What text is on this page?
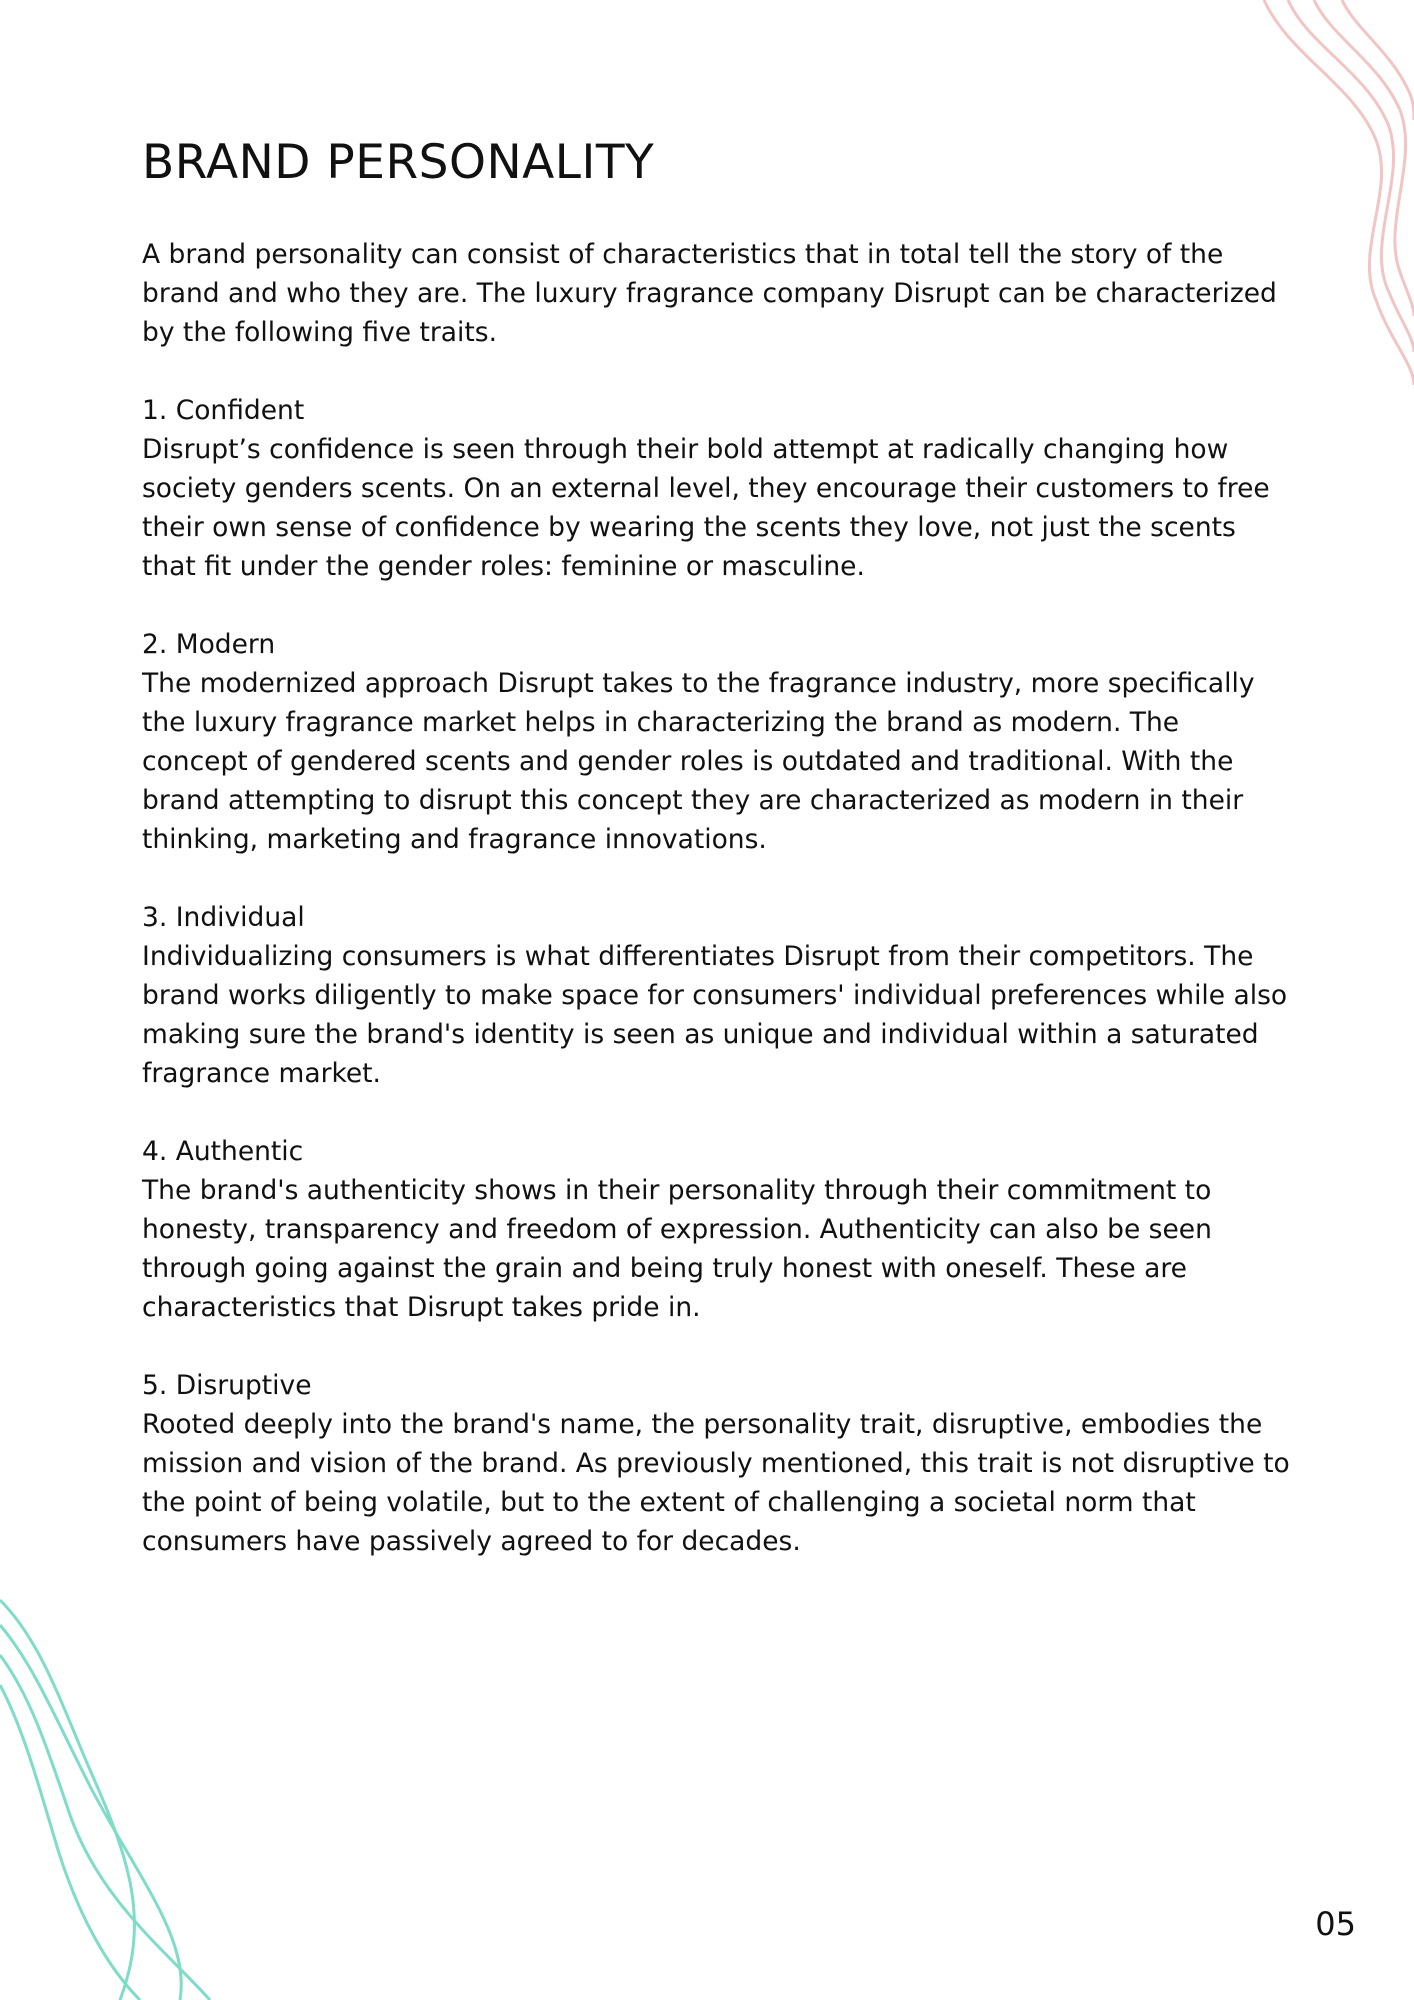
BRAND PERSONALITY

A brand personality can consist of characteristics that in total tell the story of the brand and who they are. The luxury fragrance company Disrupt can be characterized by the following five traits.

1. Confident

Disrupt’s confidence is seen through their bold attempt at radically changing how society genders scents. On an external level, they encourage their customers to free their own sense of confidence by wearing the scents they love, not just the scents that fit under the gender roles: feminine or masculine.

2. Modern

The modernized approach Disrupt takes to the fragrance industry, more specifically the luxury fragrance market helps in characterizing the brand as modern. The concept of gendered scents and gender roles is outdated and traditional. With the brand attempting to disrupt this concept they are characterized as modern in their thinking, marketing and fragrance innovations.

3. Individual

Individualizing consumers is what differentiates Disrupt from their competitors. The brand works diligently to make space for consumers' individual preferences while also making sure the brand's identity is seen as unique and individual within a saturated fragrance market.

4. Authentic

The brand's authenticity shows in their personality through their commitment to honesty, transparency and freedom of expression. Authenticity can also be seen through going against the grain and being truly honest with oneself. These are characteristics that Disrupt takes pride in.

5. Disruptive

Rooted deeply into the brand's name, the personality trait, disruptive, embodies the mission and vision of the brand. As previously mentioned, this trait is not disruptive to the point of being volatile, but to the extent of challenging a societal norm that consumers have passively agreed to for decades.

05
